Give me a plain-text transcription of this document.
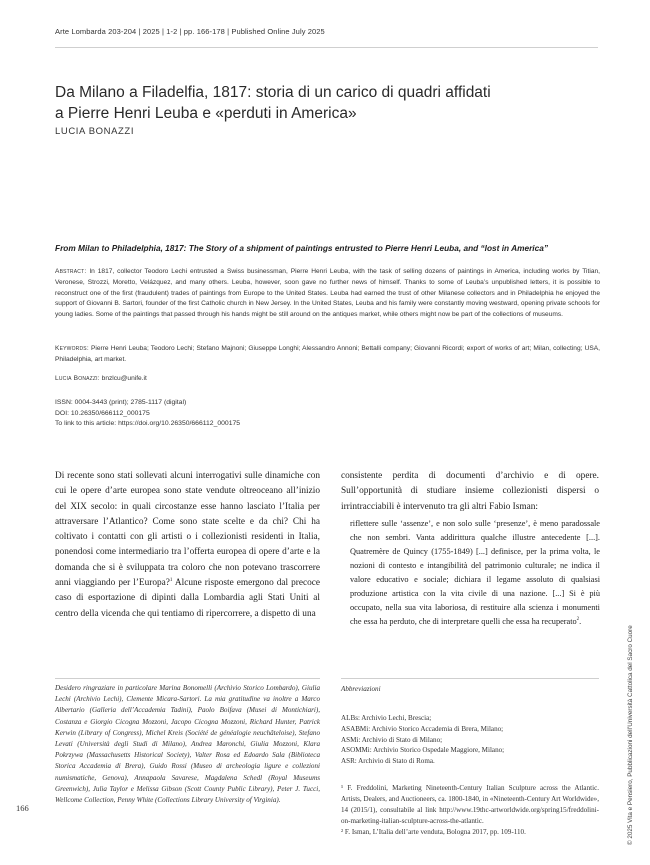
Arte Lombarda 203-204 | 2025 | 1-2 | pp. 166-178 | Published Online July 2025
Da Milano a Filadelfia, 1817: storia di un carico di quadri affidati
a Pierre Henri Leuba e «perduti in America»
LUCIA BONAZZI
From Milan to Philadelphia, 1817: The Story of a shipment of paintings entrusted to Pierre Henri Leuba, and “lost in America”
Abstract: In 1817, collector Teodoro Lechi entrusted a Swiss businessman, Pierre Henri Leuba, with the task of selling dozens of paintings in America, including works by Titian, Veronese, Strozzi, Moretto, Velázquez, and many others. Leuba, however, soon gave no further news of himself. Thanks to some of Leuba’s unpublished letters, it is possible to reconstruct one of the first (fraudulent) trades of paintings from Europe to the United States. Leuba had earned the trust of other Milanese collectors and in Philadelphia he enjoyed the support of Giovanni B. Sartori, founder of the first Catholic church in New Jersey. In the United States, Leuba and his family were constantly moving westward, opening private schools for young ladies. Some of the paintings that passed through his hands might be still around on the antiques market, while others might now be part of the collections of museums.
Keywords: Pierre Henri Leuba; Teodoro Lechi; Stefano Majnoni; Giuseppe Longhi; Alessandro Annoni; Bettalli company; Giovanni Ricordi; export of works of art; Milan, collecting; USA, Philadelphia, art market.
Lucia Bonazzi: bnzlcu@unife.it
ISSN: 0004-3443 (print); 2785-1117 (digital)
DOI: 10.26350/666112_000175
To link to this article: https://doi.org/10.26350/666112_000175
Di recente sono stati sollevati alcuni interrogativi sulle dinamiche con cui le opere d’arte europea sono state vendute oltreoceano all’inizio del XIX secolo: in quali circostanze esse hanno lasciato l’Italia per attraversare l’Atlantico? Come sono state scelte e da chi? Chi ha coltivato i contatti con gli artisti o i collezionisti residenti in Italia, ponendosi come intermediario tra l’offerta europea di opere d’arte e la domanda che si è sviluppata tra coloro che non potevano trascorrere anni viaggiando per l’Europa?$^1$ Alcune risposte emergono dal precoce caso di esportazione di dipinti dalla Lombardia agli Stati Uniti al centro della vicenda che qui tentiamo di ripercorrere, a dispetto di una
consistente perdita di documenti d’archivio e di opere. Sull’opportunità di studiare insieme collezionisti dispersi o irrintracciabili è intervenuto tra gli altri Fabio Isman:
riflettere sulle ‘assenze’, e non solo sulle ‘presenze’, è meno paradossale che non sembri. Vanta addirittura qualche illustre antecedente [...]. Quatremère de Quincy (1755-1849) [...] definisce, per la prima volta, le nozioni di contesto e intangibilità del patrimonio culturale; ne indica il valore educativo e sociale; dichiara il legame assoluto di qualsiasi produzione artistica con la vita civile di una nazione. [...] Si è più occupato, nella sua vita laboriosa, di restituire alla scienza i monumenti che essa ha perduto, che di interpretare quelli che essa ha recuperato$^2$.
Desidero ringraziare in particolare Marina Bonomelli (Archivio Storico Lombardo), Giulia Lechi (Archivio Lechi), Clemente Micara-Sartori. La mia gratitudine va inoltre a Marco Albertario (Galleria dell’Accademia Tadini), Paolo Boifava (Musei di Montichiari), Costanza e Giorgio Cicogna Mozzoni, Jacopo Cicogna Mozzoni, Richard Hunter, Patrick Kerwin (Library of Congress), Michel Kreis (Société de généalogie neuchâteloise), Stefano Levati (Università degli Studi di Milano), Andrea Maronchi, Giulia Mozzoni, Klara Pokrzywa (Massachusetts Historical Society), Valter Rosa ed Edoardo Sala (Biblioteca Storica Accademia di Brera), Guido Rossi (Museo di archeologia ligure e collezioni numismatiche, Genova), Annapaola Savarese, Magdalena Schedl (Royal Museums Greenwich), Julia Taylor e Melissa Gibson (Scott County Public Library), Peter J. Tucci, Wellcome Collection, Penny White (Collections Library University of Virginia).
Abbreviazioni
ALBs: Archivio Lechi, Brescia;
ASABMi: Archivio Storico Accademia di Brera, Milano;
ASMi: Archivio di Stato di Milano;
ASOMMi: Archivio Storico Ospedale Maggiore, Milano;
ASR: Archivio di Stato di Roma.

¹ F. Freddolini, Marketing Nineteenth-Century Italian Sculpture across the Atlantic. Artists, Dealers, and Auctioneers, ca. 1800-1840, in «Nineteenth-Century Art Worldwide», 14 (2015/1), consultabile al link http://www.19thc-artworldwide.org/spring15/freddolini-on-marketing-italian-sculpture-across-the-atlantic.

² F. Isman, L’Italia dell’arte venduta, Bologna 2017, pp. 109-110.

166	© 2025 Vita e Pensiero, Pubblicazioni dell’Università Cattolica del Sacro Cuore
